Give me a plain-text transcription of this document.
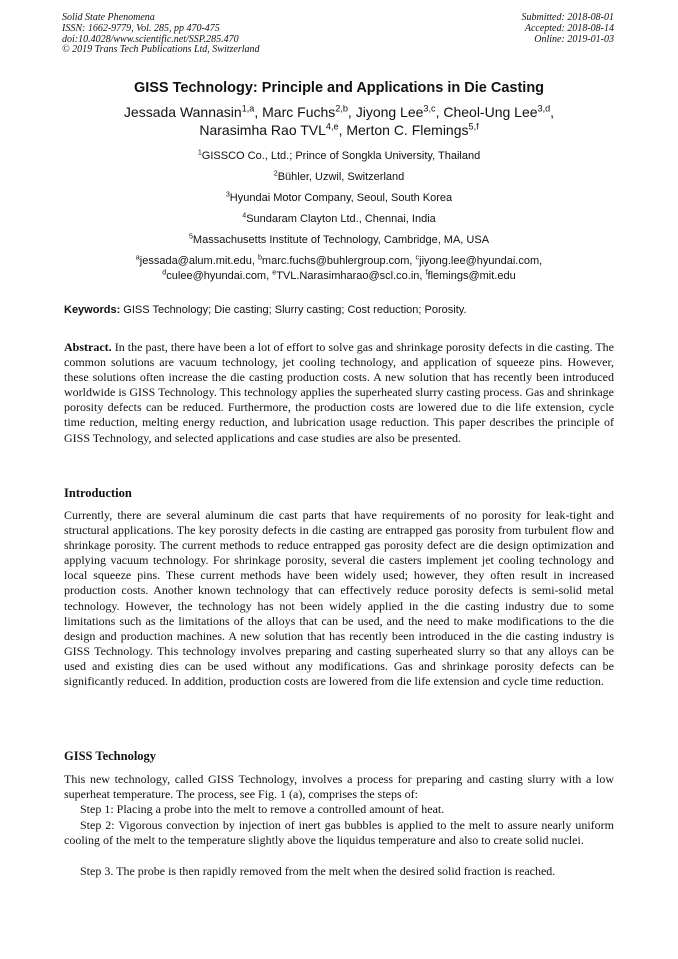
Solid State Phenomena
ISSN: 1662-9779, Vol. 285, pp 470-475
doi:10.4028/www.scientific.net/SSP.285.470
© 2019 Trans Tech Publications Ltd, Switzerland
Submitted: 2018-08-01
Accepted: 2018-08-14
Online: 2019-01-03
GISS Technology: Principle and Applications in Die Casting
Jessada Wannasin$^{1,a}$, Marc Fuchs$^{2,b}$, Jiyong Lee$^{3,c}$, Cheol-Ung Lee$^{3,d}$,
Narasimha Rao TVL$^{4,e}$, Merton C. Flemings$^{5,f}$
$^1$GISSCO Co., Ltd.; Prince of Songkla University, Thailand
$^2$Bühler, Uzwil, Switzerland
$^3$Hyundai Motor Company, Seoul, South Korea
$^4$Sundaram Clayton Ltd., Chennai, India
$^5$Massachusetts Institute of Technology, Cambridge, MA, USA
$^a$jessada@alum.mit.edu, $^b$marc.fuchs@buhlergroup.com, $^c$jiyong.lee@hyundai.com,
$^d$culee@hyundai.com, $^e$TVL.Narasimharao@scl.co.in, $^f$flemings@mit.edu
Keywords: GISS Technology; Die casting; Slurry casting; Cost reduction; Porosity.
Abstract. In the past, there have been a lot of effort to solve gas and shrinkage porosity defects in die casting. The common solutions are vacuum technology, jet cooling technology, and application of squeeze pins. However, these solutions often increase the die casting production costs. A new solution that has recently been introduced worldwide is GISS Technology. This technology applies the superheated slurry casting process. Gas and shrinkage porosity defects can be reduced. Furthermore, the production costs are lowered due to die life extension, cycle time reduction, melting energy reduction, and lubrication usage reduction. This paper describes the principle of GISS Technology, and selected applications and case studies are also be presented.
Introduction
Currently, there are several aluminum die cast parts that have requirements of no porosity for leak-tight and structural applications. The key porosity defects in die casting are entrapped gas porosity from turbulent flow and shrinkage porosity. The current methods to reduce entrapped gas porosity defect are die design optimization and applying vacuum technology. For shrinkage porosity, several die casters implement jet cooling technology and local squeeze pins. These current methods have been widely used; however, they often result in increased production costs. Another known technology that can effectively reduce porosity defects is semi-solid metal technology. However, the technology has not been widely applied in the die casting industry due to some limitations such as the limitations of the alloys that can be used, and the need to make modifications to the die design and production machines. A new solution that has recently been introduced in the die casting industry is GISS Technology. This technology involves preparing and casting superheated slurry so that any alloys can be used and existing dies can be used without any modifications. Gas and shrinkage porosity defects can be significantly reduced. In addition, production costs are lowered from die life extension and cycle time reduction.
GISS Technology
This new technology, called GISS Technology, involves a process for preparing and casting slurry with a low superheat temperature. The process, see Fig. 1 (a), comprises the steps of:
Step 1: Placing a probe into the melt to remove a controlled amount of heat.
Step 2: Vigorous convection by injection of inert gas bubbles is applied to the melt to assure nearly uniform cooling of the melt to the temperature slightly above the liquidus temperature and also to create solid nuclei.
Step 3. The probe is then rapidly removed from the melt when the desired solid fraction is reached.
